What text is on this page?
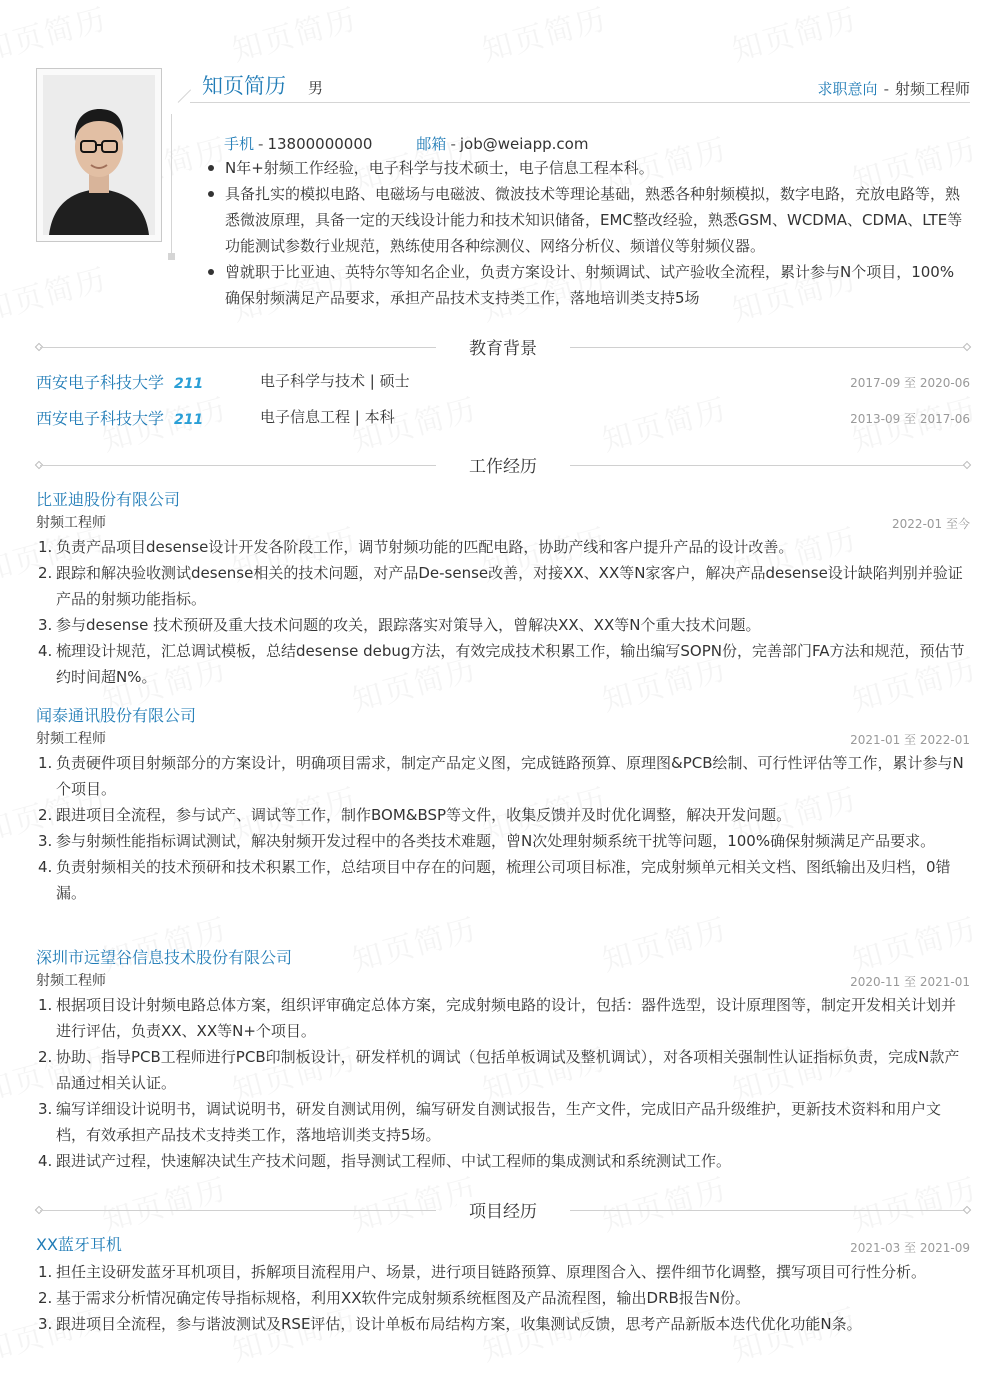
知页简历 男	求职意向 - 射频工程师
手机 - 13800000000	邮箱 - job@weiapp.com
N年+射频工作经验，电子科学与技术硕士，电子信息工程本科。
具备扎实的模拟电路、电磁场与电磁波、微波技术等理论基础，熟悉各种射频模拟，数字电路，充放电路等，熟悉微波原理，具备一定的天线设计能力和技术知识储备，EMC整改经验，熟悉GSM、WCDMA、CDMA、LTE等功能测试参数行业规范，熟练使用各种综测仪、网络分析仪、频谱仪等射频仪器。
曾就职于比亚迪、英特尔等知名企业，负责方案设计、射频调试、试产验收全流程，累计参与N个项目，100%确保射频满足产品要求，承担产品技术支持类工作，落地培训类支持5场
教育背景
西安电子科技大学 211	电子科学与技术 | 硕士	2017-09 至 2020-06
西安电子科技大学 211	电子信息工程 | 本科	2013-09 至 2017-06
工作经历
比亚迪股份有限公司
射频工程师	2022-01 至今
1. 负责产品项目desense设计开发各阶段工作，调节射频功能的匹配电路，协助产线和客户提升产品的设计改善。
2. 跟踪和解决验收测试desense相关的技术问题，对产品De-sense改善，对接XX、XX等N家客户，解决产品desense设计缺陷判别并验证产品的射频功能指标。
3. 参与desense 技术预研及重大技术问题的攻关，跟踪落实对策导入，曾解决XX、XX等N个重大技术问题。
4. 梳理设计规范，汇总调试模板，总结desense debug方法，有效完成技术积累工作，输出编写SOPN份，完善部门FA方法和规范，预估节约时间超N%。
闻泰通讯股份有限公司
射频工程师	2021-01 至 2022-01
1. 负责硬件项目射频部分的方案设计，明确项目需求，制定产品定义图，完成链路预算、原理图&PCB绘制、可行性评估等工作，累计参与N个项目。
2. 跟进项目全流程，参与试产、调试等工作，制作BOM&BSP等文件，收集反馈并及时优化调整，解决开发问题。
3. 参与射频性能指标调试测试，解决射频开发过程中的各类技术难题，曾N次处理射频系统干扰等问题，100%确保射频满足产品要求。
4. 负责射频相关的技术预研和技术积累工作，总结项目中存在的问题，梳理公司项目标准，完成射频单元相关文档、图纸输出及归档，0错漏。
深圳市远望谷信息技术股份有限公司
射频工程师	2020-11 至 2021-01
1. 根据项目设计射频电路总体方案，组织评审确定总体方案，完成射频电路的设计，包括：器件选型，设计原理图等，制定开发相关计划并进行评估，负责XX、XX等N+个项目。
2. 协助、指导PCB工程师进行PCB印制板设计，研发样机的调试（包括单板调试及整机调试），对各项相关强制性认证指标负责，完成N款产品通过相关认证。
3. 编写详细设计说明书，调试说明书，研发自测试用例，编写研发自测试报告，生产文件，完成旧产品升级维护，更新技术资料和用户文档，有效承担产品技术支持类工作，落地培训类支持5场。
4. 跟进试产过程，快速解决试生产技术问题，指导测试工程师、中试工程师的集成测试和系统测试工作。
项目经历
XX蓝牙耳机	2021-03 至 2021-09
1. 担任主设研发蓝牙耳机项目，拆解项目流程用户、场景，进行项目链路预算、原理图合入、摆件细节化调整，撰写项目可行性分析。
2. 基于需求分析情况确定传导指标规格，利用XX软件完成射频系统框图及产品流程图，输出DRB报告N份。
3. 跟进项目全流程，参与谐波测试及RSE评估，设计单板布局结构方案，收集测试反馈，思考产品新版本迭代优化功能N条。
